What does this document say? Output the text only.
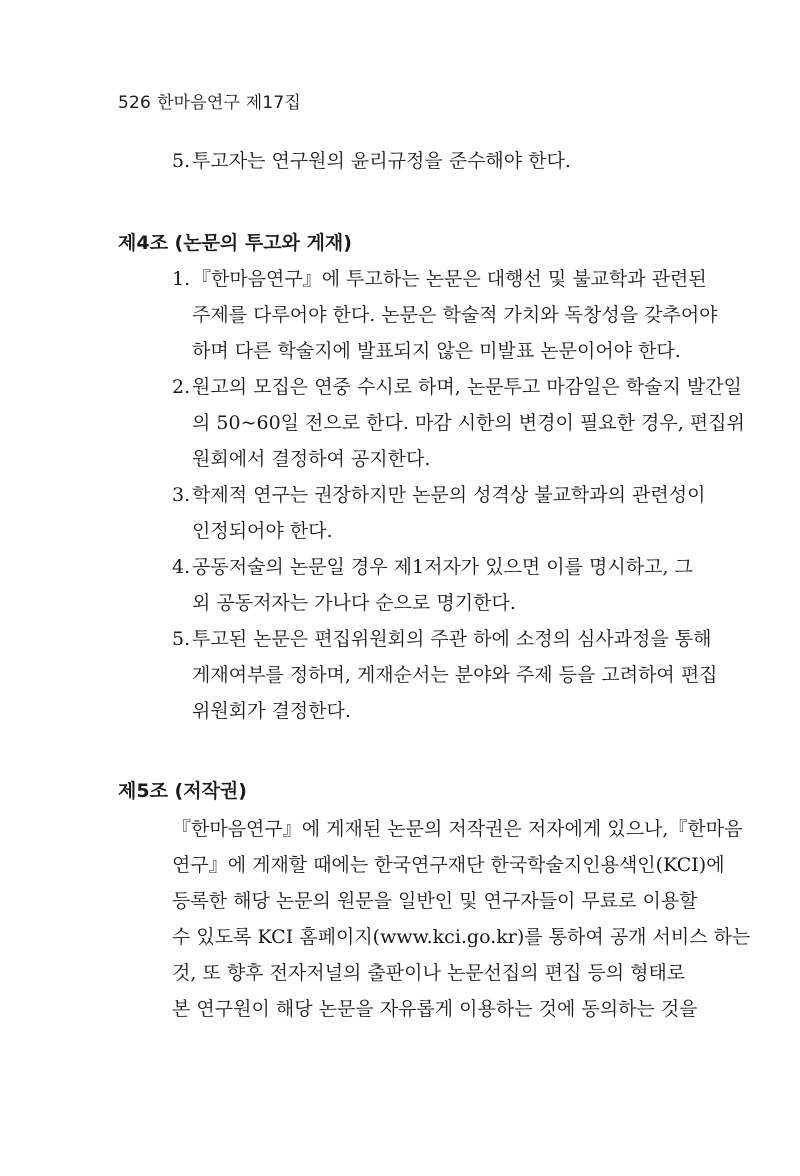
526 한마음연구 제17집
5.투고자는 연구원의 윤리규정을 준수해야 한다.
제4조 (논문의 투고와 게재)
1.『한마음연구』에 투고하는 논문은 대행선 및 불교학과 관련된
주제를 다루어야 한다. 논문은 학술적 가치와 독창성을 갖추어야
하며 다른 학술지에 발표되지 않은 미발표 논문이어야 한다.
2.원고의 모집은 연중 수시로 하며, 논문투고 마감일은 학술지 발간일
의 50~60일 전으로 한다. 마감 시한의 변경이 필요한 경우, 편집위
원회에서 결정하여 공지한다.
3.학제적 연구는 권장하지만 논문의 성격상 불교학과의 관련성이
인정되어야 한다.
4.공동저술의 논문일 경우 제1저자가 있으면 이를 명시하고, 그
외 공동저자는 가나다 순으로 명기한다.
5.투고된 논문은 편집위원회의 주관 하에 소정의 심사과정을 통해
게재여부를 정하며, 게재순서는 분야와 주제 등을 고려하여 편집
위원회가 결정한다.
제5조 (저작권)
『한마음연구』에 게재된 논문의 저작권은 저자에게 있으나,『한마음
연구』에 게재할 때에는 한국연구재단 한국학술지인용색인(KCI)에
등록한 해당 논문의 원문을 일반인 및 연구자들이 무료로 이용할
수 있도록 KCI 홈페이지(www.kci.go.kr)를 통하여 공개 서비스 하는
것, 또 향후 전자저널의 출판이나 논문선집의 편집 등의 형태로
본 연구원이 해당 논문을 자유롭게 이용하는 것에 동의하는 것을
